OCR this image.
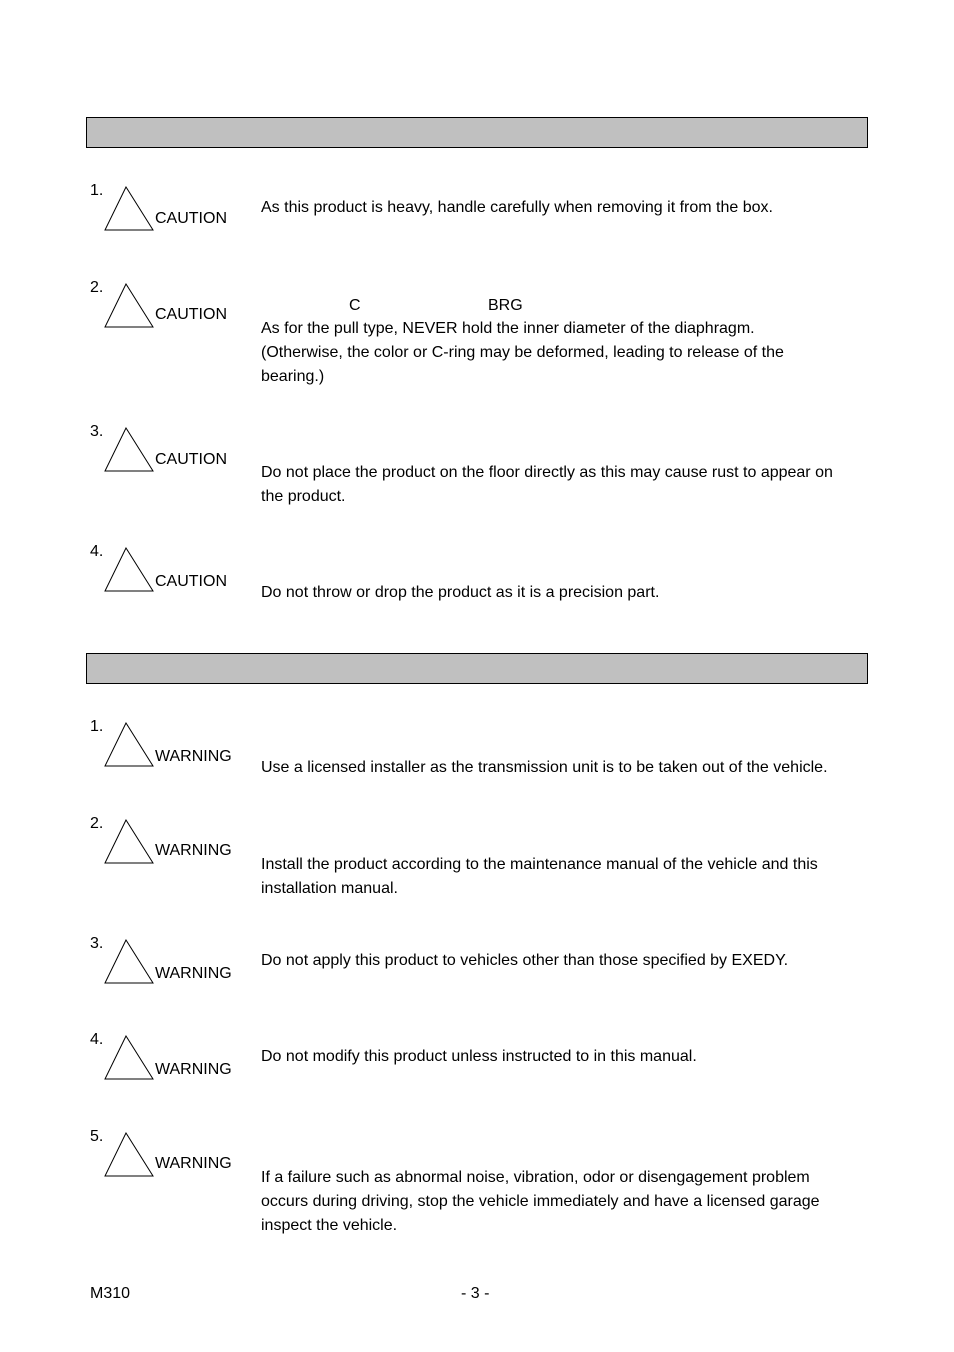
1.
CAUTION

As this product is heavy, handle carefully when removing it from the box.

2.
CAUTION
C	BRG

As for the pull type, NEVER hold the inner diameter of the diaphragm.

(Otherwise, the color or C-ring may be deformed, leading to release of the

bearing.)

3.
CAUTION

Do not place the product on the floor directly as this may cause rust to appear on

the product.

4.
CAUTION

Do not throw or drop the product as it is a precision part.

1.
WARNING

Use a licensed installer as the transmission unit is to be taken out of the vehicle.

2.
WARNING

Install the product according to the maintenance manual of the vehicle and this

installation manual.

3.
WARNING

Do not apply this product to vehicles other than those specified by EXEDY.

4.
WARNING

Do not modify this product unless instructed to in this manual.

5.
WARNING

If a failure such as abnormal noise, vibration, odor or disengagement problem

occurs during driving, stop the vehicle immediately and have a licensed garage

inspect the vehicle.

M310	- 3 -
